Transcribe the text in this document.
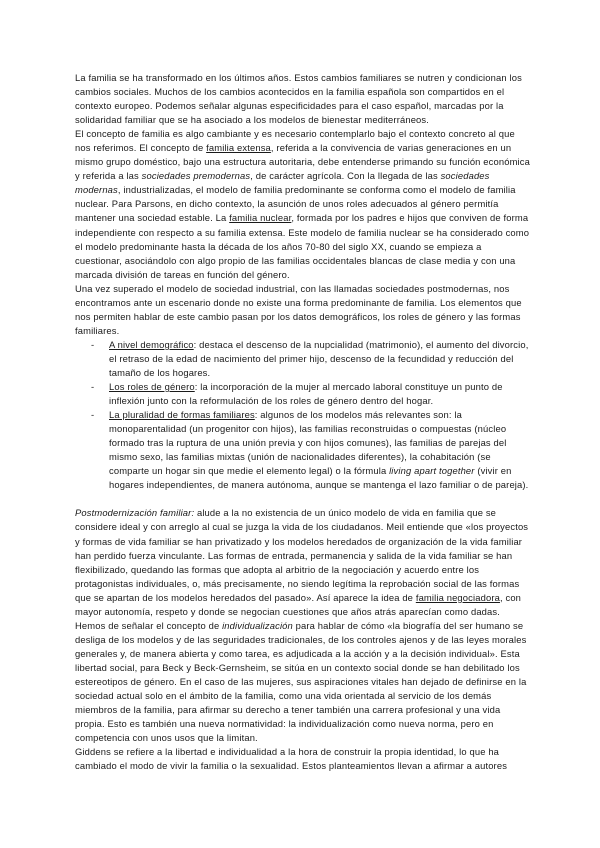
La familia se ha transformado en los últimos años. Estos cambios familiares se nutren y condicionan los cambios sociales. Muchos de los cambios acontecidos en la familia española son compartidos en el contexto europeo. Podemos señalar algunas especificidades para el caso español, marcadas por la solidaridad familiar que se ha asociado a los modelos de bienestar mediterráneos.

El concepto de familia es algo cambiante y es necesario contemplarlo bajo el contexto concreto al que nos referimos. El concepto de familia extensa, referida a la convivencia de varias generaciones en un mismo grupo doméstico, bajo una estructura autoritaria, debe entenderse primando su función económica y referida a las sociedades premodernas, de carácter agrícola. Con la llegada de las sociedades modernas, industrializadas, el modelo de familia predominante se conforma como el modelo de familia nuclear. Para Parsons, en dicho contexto, la asunción de unos roles adecuados al género permitía mantener una sociedad estable. La familia nuclear, formada por los padres e hijos que conviven de forma independiente con respecto a su familia extensa. Este modelo de familia nuclear se ha considerado como el modelo predominante hasta la década de los años 70-80 del siglo XX, cuando se empieza a cuestionar, asociándolo con algo propio de las familias occidentales blancas de clase media y con una marcada división de tareas en función del género.

Una vez superado el modelo de sociedad industrial, con las llamadas sociedades postmodernas, nos encontramos ante un escenario donde no existe una forma predominante de familia. Los elementos que nos permiten hablar de este cambio pasan por los datos demográficos, los roles de género y las formas familiares.

- A nivel demográfico: destaca el descenso de la nupcialidad (matrimonio), el aumento del divorcio, el retraso de la edad de nacimiento del primer hijo, descenso de la fecundidad y reducción del tamaño de los hogares.
- Los roles de género: la incorporación de la mujer al mercado laboral constituye un punto de inflexión junto con la reformulación de los roles de género dentro del hogar.
- La pluralidad de formas familiares: algunos de los modelos más relevantes son: la monoparentalidad (un progenitor con hijos), las familias reconstruidas o compuestas (núcleo formado tras la ruptura de una unión previa y con hijos comunes), las familias de parejas del mismo sexo, las familias mixtas (unión de nacionalidades diferentes), la cohabitación (se comparte un hogar sin que medie el elemento legal) o la fórmula living apart together (vivir en hogares independientes, de manera autónoma, aunque se mantenga el lazo familiar o de pareja).

Postmodernización familiar: alude a la no existencia de un único modelo de vida en familia que se considere ideal y con arreglo al cual se juzga la vida de los ciudadanos. Meil entiende que «los proyectos y formas de vida familiar se han privatizado y los modelos heredados de organización de la vida familiar han perdido fuerza vinculante. Las formas de entrada, permanencia y salida de la vida familiar se han flexibilizado, quedando las formas que adopta al arbitrio de la negociación y acuerdo entre los protagonistas individuales, o, más precisamente, no siendo legítima la reprobación social de las formas que se apartan de los modelos heredados del pasado». Así aparece la idea de familia negociadora, con mayor autonomía, respeto y donde se negocian cuestiones que años atrás aparecían como dadas.

Hemos de señalar el concepto de individualización para hablar de cómo «la biografía del ser humano se desliga de los modelos y de las seguridades tradicionales, de los controles ajenos y de las leyes morales generales y, de manera abierta y como tarea, es adjudicada a la acción y a la decisión individual». Esta libertad social, para Beck y Beck-Gernsheim, se sitúa en un contexto social donde se han debilitado los estereotipos de género. En el caso de las mujeres, sus aspiraciones vitales han dejado de definirse en la sociedad actual solo en el ámbito de la familia, como una vida orientada al servicio de los demás miembros de la familia, para afirmar su derecho a tener también una carrera profesional y una vida propia. Esto es también una nueva normatividad: la individualización como nueva norma, pero en competencia con unos usos que la limitan.

Giddens se refiere a la libertad e individualidad a la hora de construir la propia identidad, lo que ha cambiado el modo de vivir la familia o la sexualidad. Estos planteamientos llevan a afirmar a autores
